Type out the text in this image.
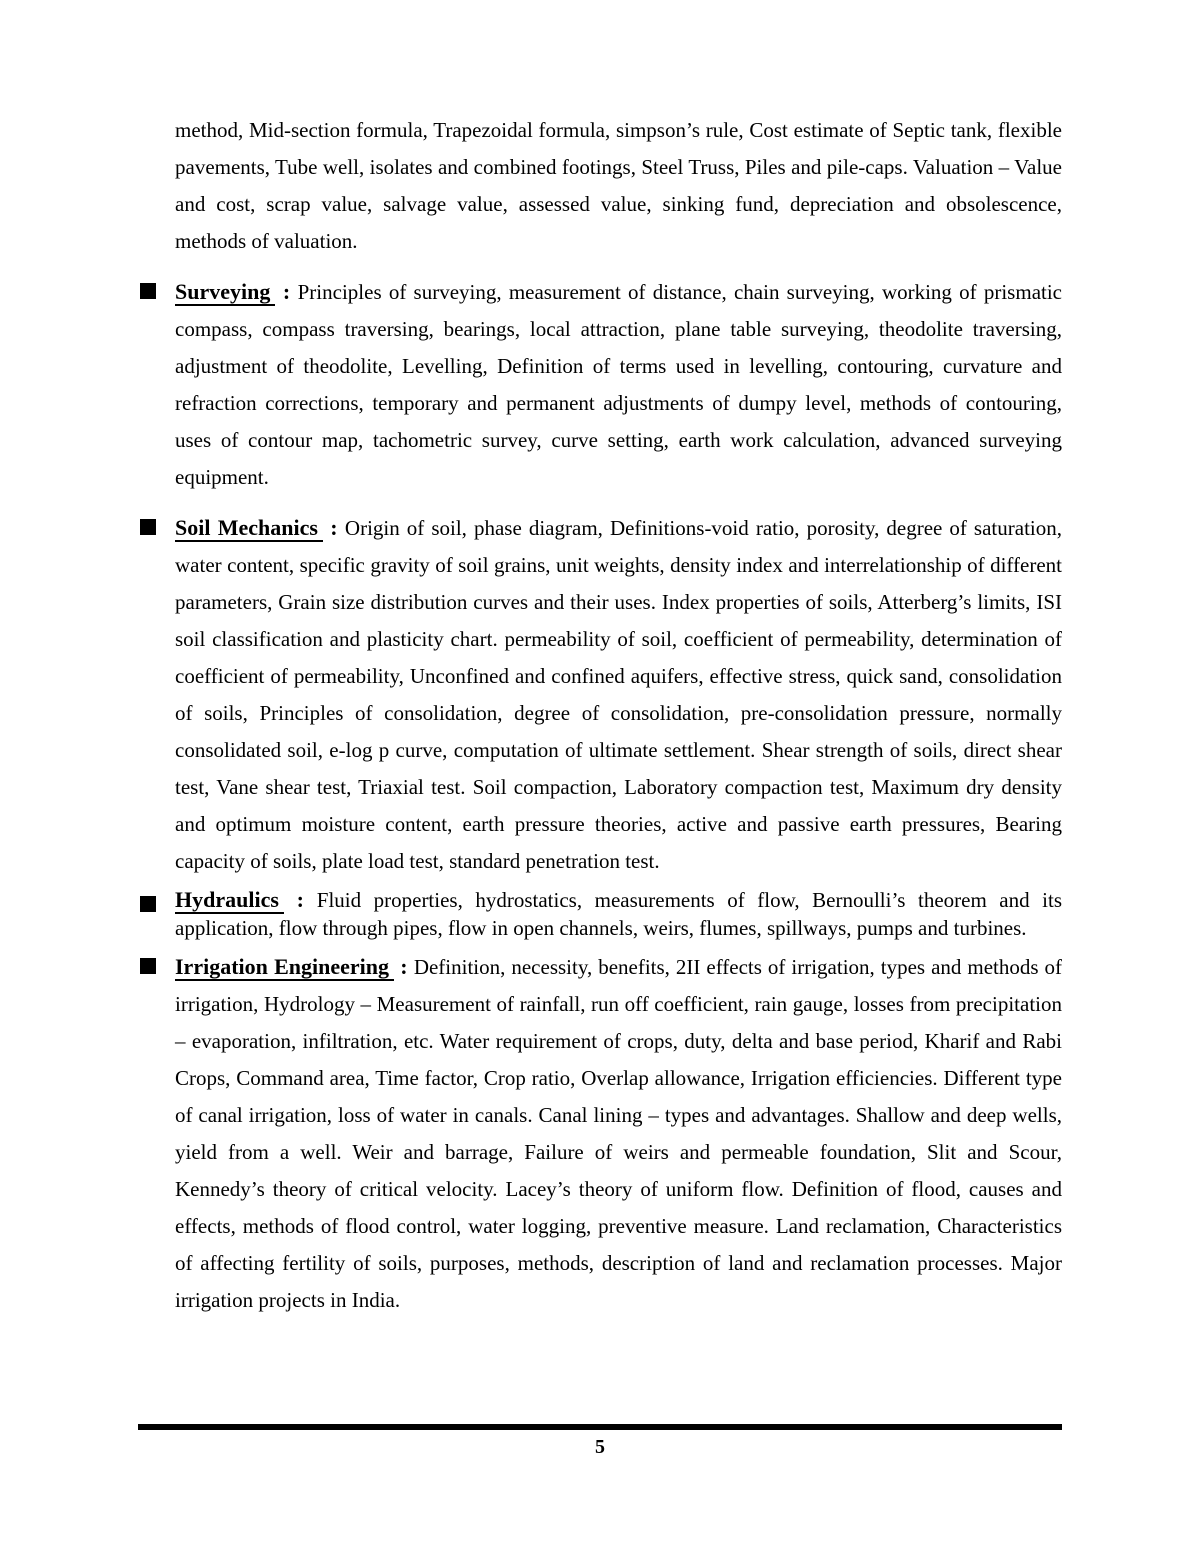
method, Mid-section formula, Trapezoidal formula, simpson’s rule, Cost estimate of Septic tank, flexible pavements, Tube well, isolates and combined footings, Steel Truss, Piles and pile-caps. Valuation – Value and cost, scrap value, salvage value, assessed value, sinking fund, depreciation and obsolescence, methods of valuation.

Surveying : Principles of surveying, measurement of distance, chain surveying, working of prismatic compass, compass traversing, bearings, local attraction, plane table surveying, theodolite traversing, adjustment of theodolite, Levelling, Definition of terms used in levelling, contouring, curvature and refraction corrections, temporary and permanent adjustments of dumpy level, methods of contouring, uses of contour map, tachometric survey, curve setting, earth work calculation, advanced surveying equipment.

Soil Mechanics : Origin of soil, phase diagram, Definitions-void ratio, porosity, degree of saturation, water content, specific gravity of soil grains, unit weights, density index and interrelationship of different parameters, Grain size distribution curves and their uses. Index properties of soils, Atterberg’s limits, ISI soil classification and plasticity chart. permeability of soil, coefficient of permeability, determination of coefficient of permeability, Unconfined and confined aquifers, effective stress, quick sand, consolidation of soils, Principles of consolidation, degree of consolidation, pre-consolidation pressure, normally consolidated soil, e-log p curve, computation of ultimate settlement. Shear strength of soils, direct shear test, Vane shear test, Triaxial test. Soil compaction, Laboratory compaction test, Maximum dry density and optimum moisture content, earth pressure theories, active and passive earth pressures, Bearing capacity of soils, plate load test, standard penetration test.

Hydraulics : Fluid properties, hydrostatics, measurements of flow, Bernoulli’s theorem and its application, flow through pipes, flow in open channels, weirs, flumes, spillways, pumps and turbines.

Irrigation Engineering : Definition, necessity, benefits, 2II effects of irrigation, types and methods of irrigation, Hydrology – Measurement of rainfall, run off coefficient, rain gauge, losses from precipitation – evaporation, infiltration, etc. Water requirement of crops, duty, delta and base period, Kharif and Rabi Crops, Command area, Time factor, Crop ratio, Overlap allowance, Irrigation efficiencies. Different type of canal irrigation, loss of water in canals. Canal lining – types and advantages. Shallow and deep wells, yield from a well. Weir and barrage, Failure of weirs and permeable foundation, Slit and Scour, Kennedy’s theory of critical velocity. Lacey’s theory of uniform flow. Definition of flood, causes and effects, methods of flood control, water logging, preventive measure. Land reclamation, Characteristics of affecting fertility of soils, purposes, methods, description of land and reclamation processes. Major irrigation projects in India.

5
